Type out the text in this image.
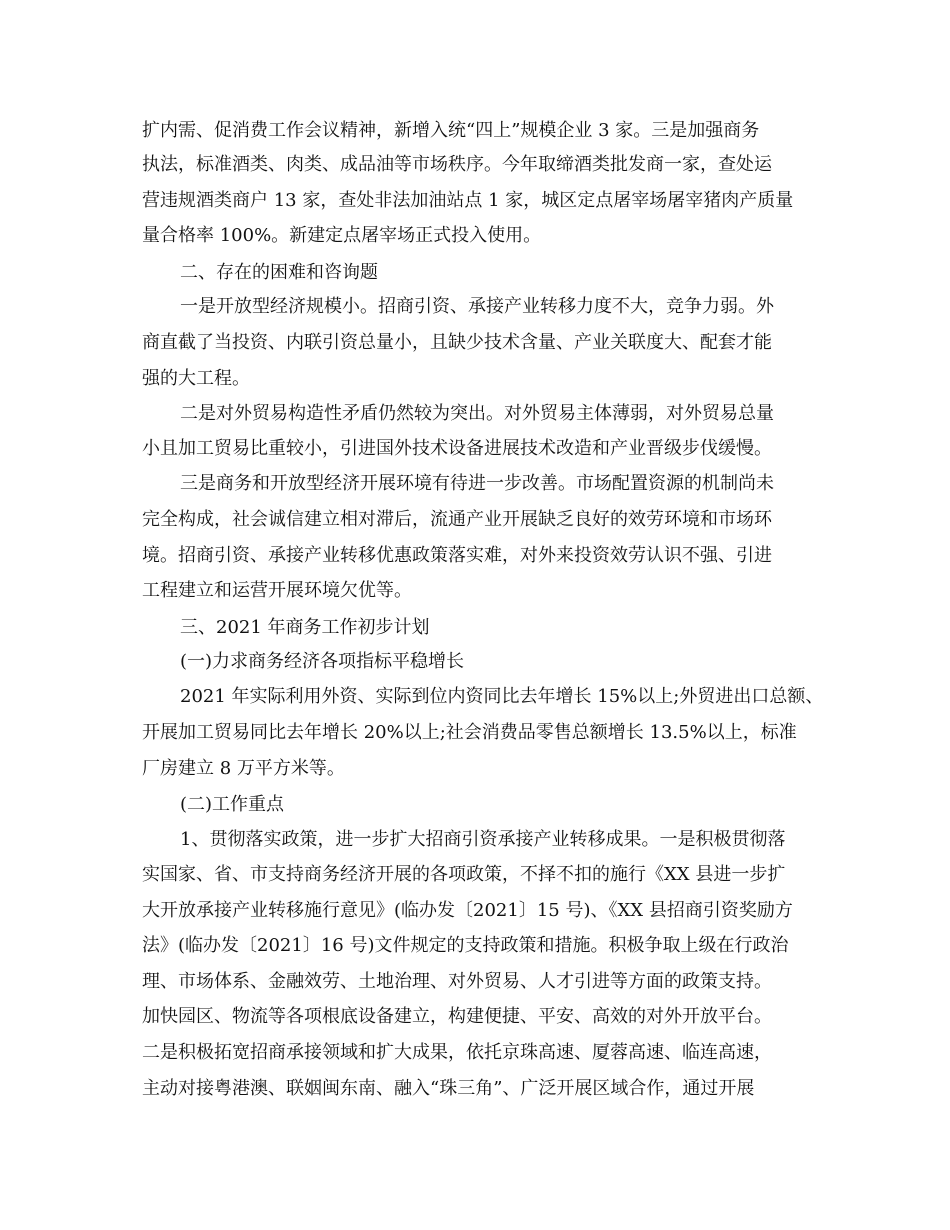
扩内需、促消费工作会议精神，新增入统“四上”规模企业 3 家。三是加强商务
执法，标准酒类、肉类、成品油等市场秩序。今年取缔酒类批发商一家，查处运
营违规酒类商户 13 家，查处非法加油站点 1 家，城区定点屠宰场屠宰猪肉产质量
量合格率 100%。新建定点屠宰场正式投入使用。
二、存在的困难和咨询题
一是开放型经济规模小。招商引资、承接产业转移力度不大，竞争力弱。外
商直截了当投资、内联引资总量小，且缺少技术含量、产业关联度大、配套才能
强的大工程。
二是对外贸易构造性矛盾仍然较为突出。对外贸易主体薄弱，对外贸易总量
小且加工贸易比重较小，引进国外技术设备进展技术改造和产业晋级步伐缓慢。
三是商务和开放型经济开展环境有待进一步改善。市场配置资源的机制尚未
完全构成，社会诚信建立相对滞后，流通产业开展缺乏良好的效劳环境和市场环
境。招商引资、承接产业转移优惠政策落实难，对外来投资效劳认识不强、引进
工程建立和运营开展环境欠优等。
三、2021 年商务工作初步计划
(一)力求商务经济各项指标平稳增长
2021 年实际利用外资、实际到位内资同比去年增长 15%以上;外贸进出口总额、
开展加工贸易同比去年增长 20%以上;社会消费品零售总额增长 13.5%以上，标准
厂房建立 8 万平方米等。
(二)工作重点
1、贯彻落实政策，进一步扩大招商引资承接产业转移成果。一是积极贯彻落
实国家、省、市支持商务经济开展的各项政策，不择不扣的施行《XX 县进一步扩
大开放承接产业转移施行意见》(临办发〔2021〕15 号)、《XX 县招商引资奖励方
法》(临办发〔2021〕16 号)文件规定的支持政策和措施。积极争取上级在行政治
理、市场体系、金融效劳、土地治理、对外贸易、人才引进等方面的政策支持。
加快园区、物流等各项根底设备建立，构建便捷、平安、高效的对外开放平台。
二是积极拓宽招商承接领域和扩大成果，依托京珠高速、厦蓉高速、临连高速，
主动对接粤港澳、联姻闽东南、融入“珠三角”、广泛开展区域合作，通过开展
